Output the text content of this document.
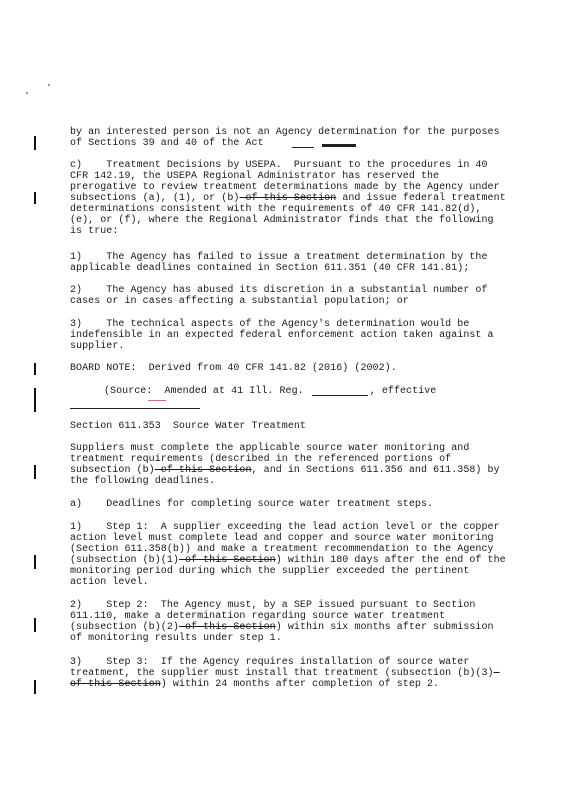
by an interested person is not an Agency determination for the purposes
of Sections 39 and 40 of the Act
c)    Treatment Decisions by USEPA.  Pursuant to the procedures in 40
CFR 142.19, the USEPA Regional Administrator has reserved the
prerogative to review treatment determinations made by the Agency under
subsections (a), (1), or (b) of this Section and issue federal treatment
determinations consistent with the requirements of 40 CFR 141.82(d),
(e), or (f), where the Regional Administrator finds that the following
is true:
1)    The Agency has failed to issue a treatment determination by the
applicable deadlines contained in Section 611.351 (40 CFR 141.81);
2)    The Agency has abused its discretion in a substantial number of
cases or in cases affecting a substantial population; or
3)    The technical aspects of the Agency's determination would be
indefensible in an expected federal enforcement action taken against a
supplier.
BOARD NOTE:  Derived from 40 CFR 141.82 (2016) (2002).
(Source:  Amended at 41 Ill. Reg.	, effective
Section 611.353  Source Water Treatment
Suppliers must complete the applicable source water monitoring and
treatment requirements (described in the referenced portions of
subsection (b) of this Section, and in Sections 611.356 and 611.358) by
the following deadlines.
a)    Deadlines for completing source water treatment steps.
1)    Step 1:  A supplier exceeding the lead action level or the copper
action level must complete lead and copper and source water monitoring
(Section 611.358(b)) and make a treatment recommendation to the Agency
(subsection (b)(1) of this Section) within 180 days after the end of the
monitoring period during which the supplier exceeded the pertinent
action level.
2)    Step 2:  The Agency must, by a SEP issued pursuant to Section
611.110, make a determination regarding source water treatment
(subsection (b)(2) of this Section) within six months after submission
of monitoring results under step 1.
3)    Step 3:  If the Agency requires installation of source water
treatment, the supplier must install that treatment (subsection (b)(3)–
of this Section) within 24 months after completion of step 2.
